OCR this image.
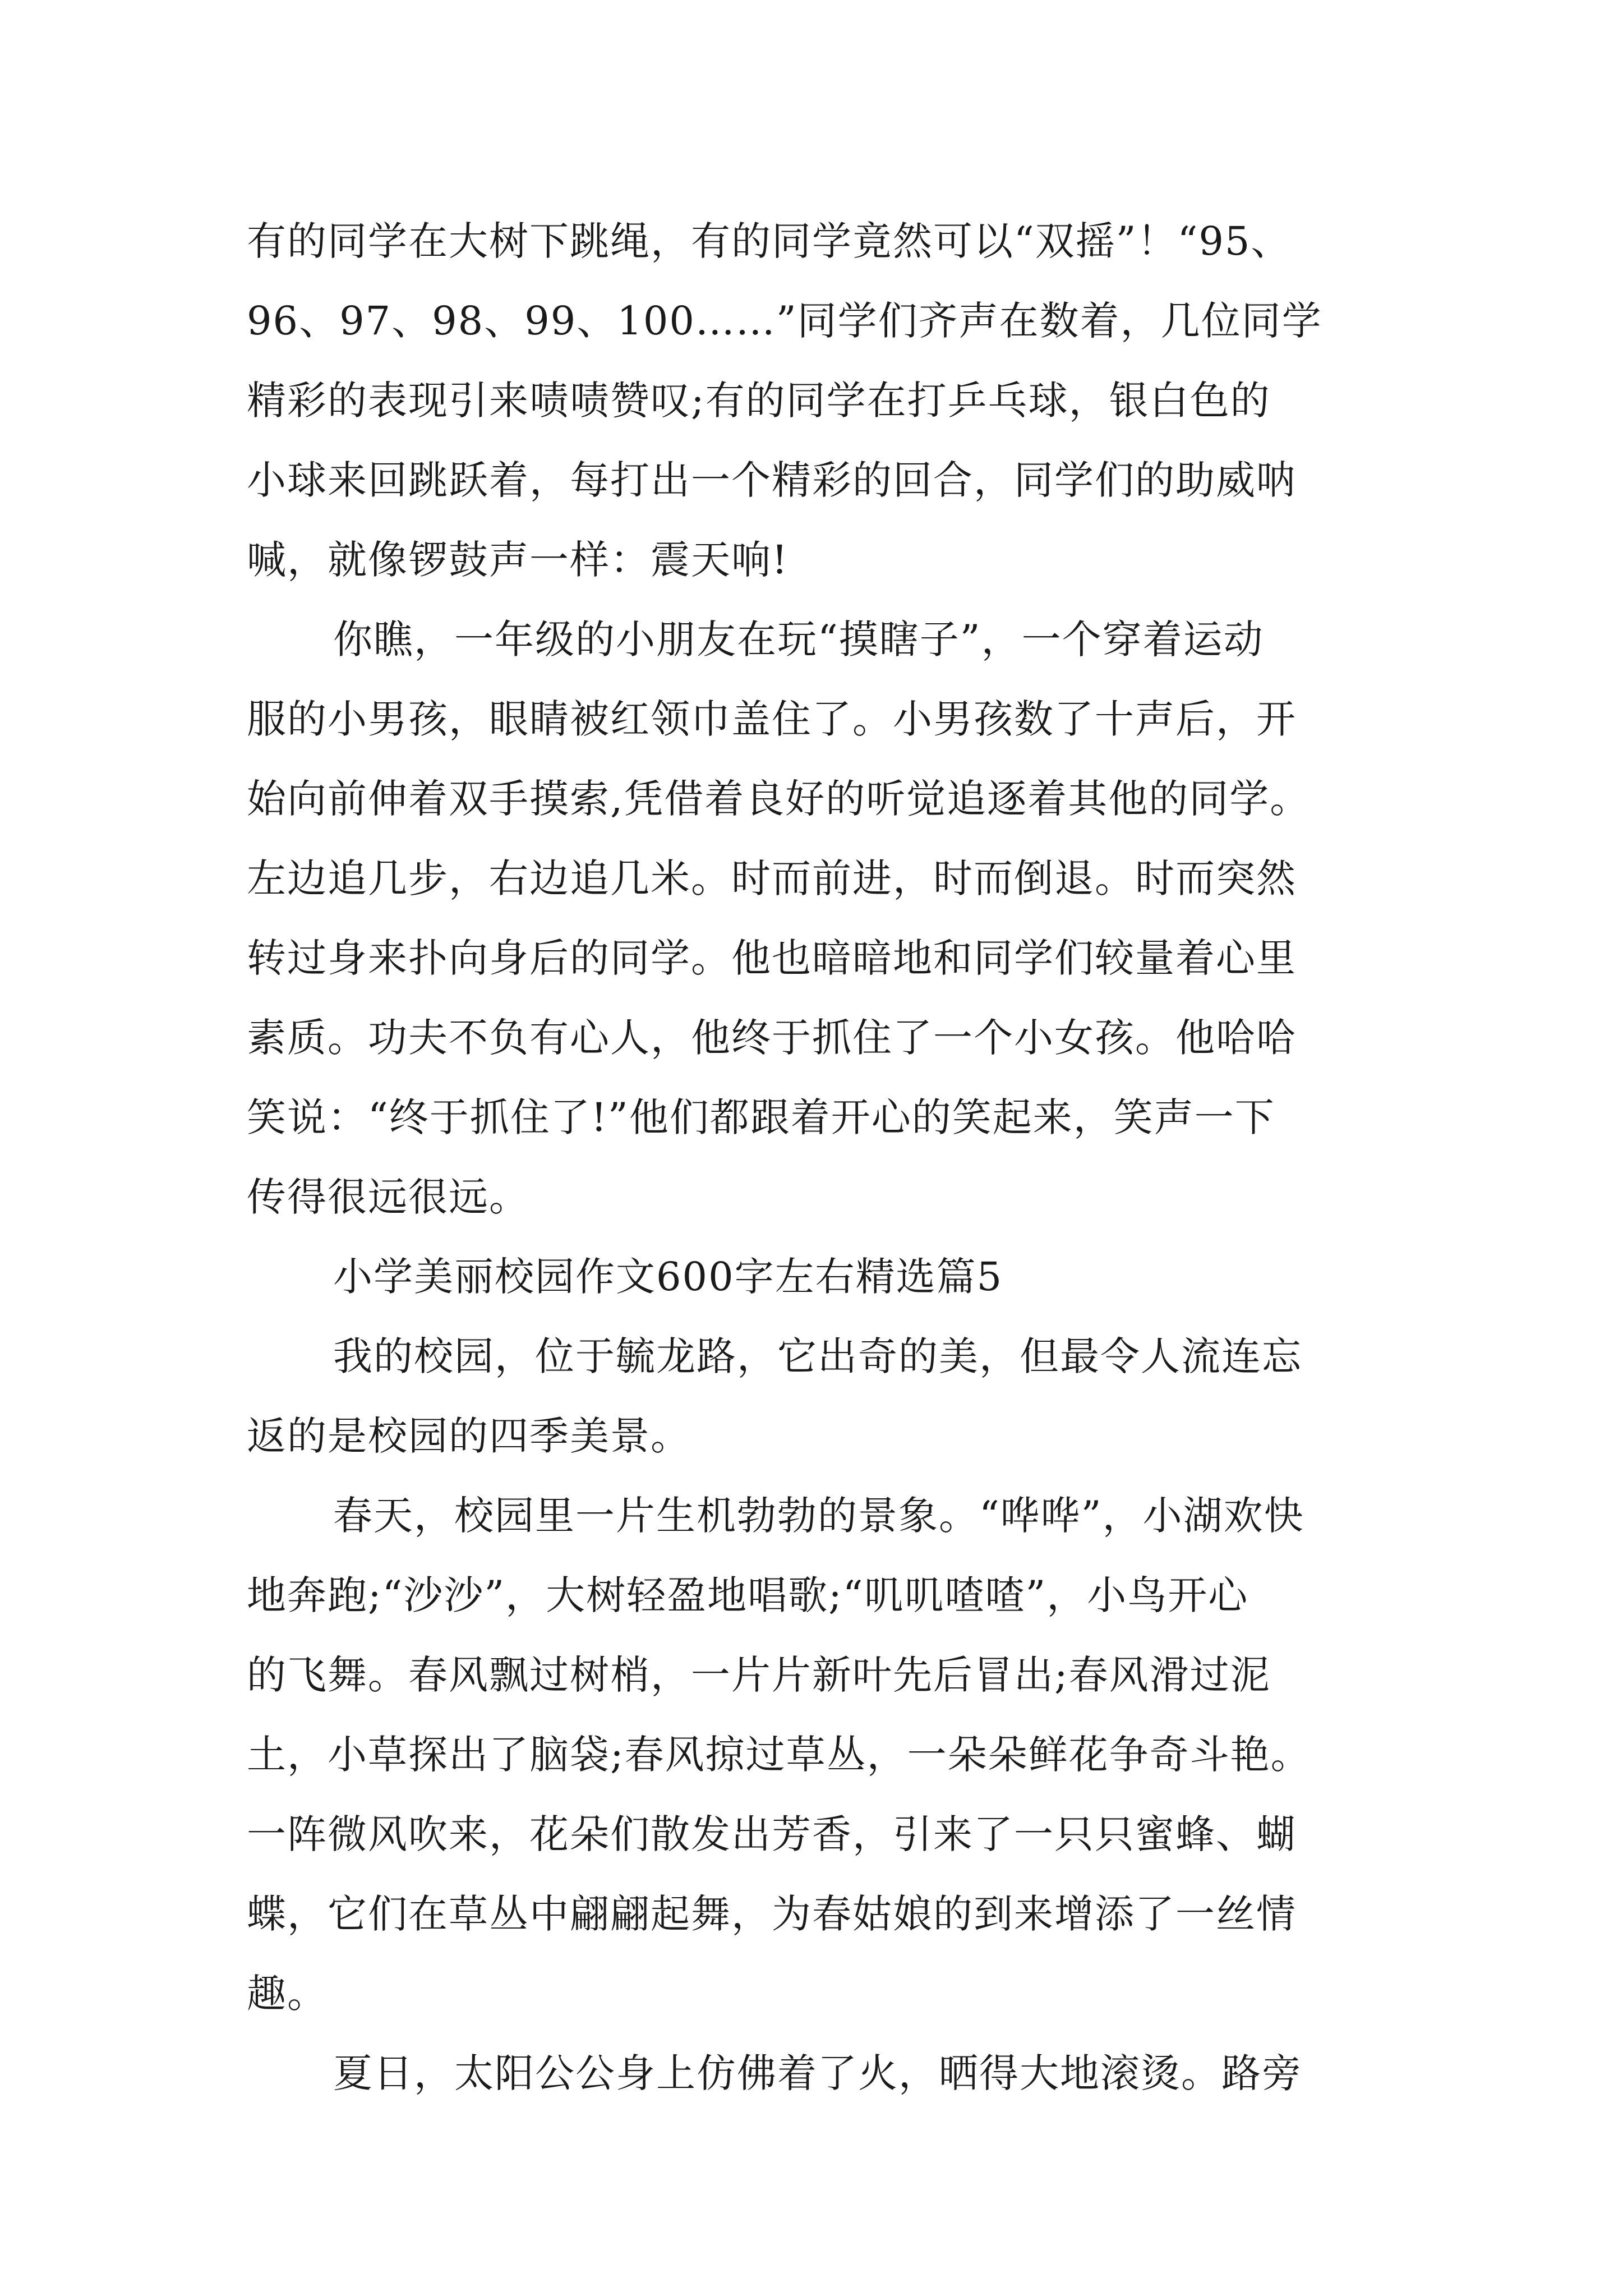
有的同学在大树下跳绳，有的同学竟然可以“双摇”！“95、
96、97、98、99、100……”同学们齐声在数着，几位同学
精彩的表现引来啧啧赞叹;有的同学在打乒乓球，银白色的
小球来回跳跃着，每打出一个精彩的回合，同学们的助威呐
喊，就像锣鼓声一样：震天响!
你瞧，一年级的小朋友在玩“摸瞎子”，一个穿着运动
服的小男孩，眼睛被红领巾盖住了。小男孩数了十声后，开
始向前伸着双手摸索,凭借着良好的听觉追逐着其他的同学。
左边追几步，右边追几米。时而前进，时而倒退。时而突然
转过身来扑向身后的同学。他也暗暗地和同学们较量着心里
素质。功夫不负有心人，他终于抓住了一个小女孩。他哈哈
笑说：“终于抓住了!”他们都跟着开心的笑起来，笑声一下
传得很远很远。
小学美丽校园作文600字左右精选篇5
我的校园，位于毓龙路，它出奇的美，但最令人流连忘
返的是校园的四季美景。
春天，校园里一片生机勃勃的景象。“哗哗”，小湖欢快
地奔跑;“沙沙”，大树轻盈地唱歌;“叽叽喳喳”，小鸟开心
的飞舞。春风飘过树梢，一片片新叶先后冒出;春风滑过泥
土，小草探出了脑袋;春风掠过草丛，一朵朵鲜花争奇斗艳。
一阵微风吹来，花朵们散发出芳香，引来了一只只蜜蜂、蝴
蝶，它们在草丛中翩翩起舞，为春姑娘的到来增添了一丝情
趣。
夏日，太阳公公身上仿佛着了火，晒得大地滚烫。路旁
